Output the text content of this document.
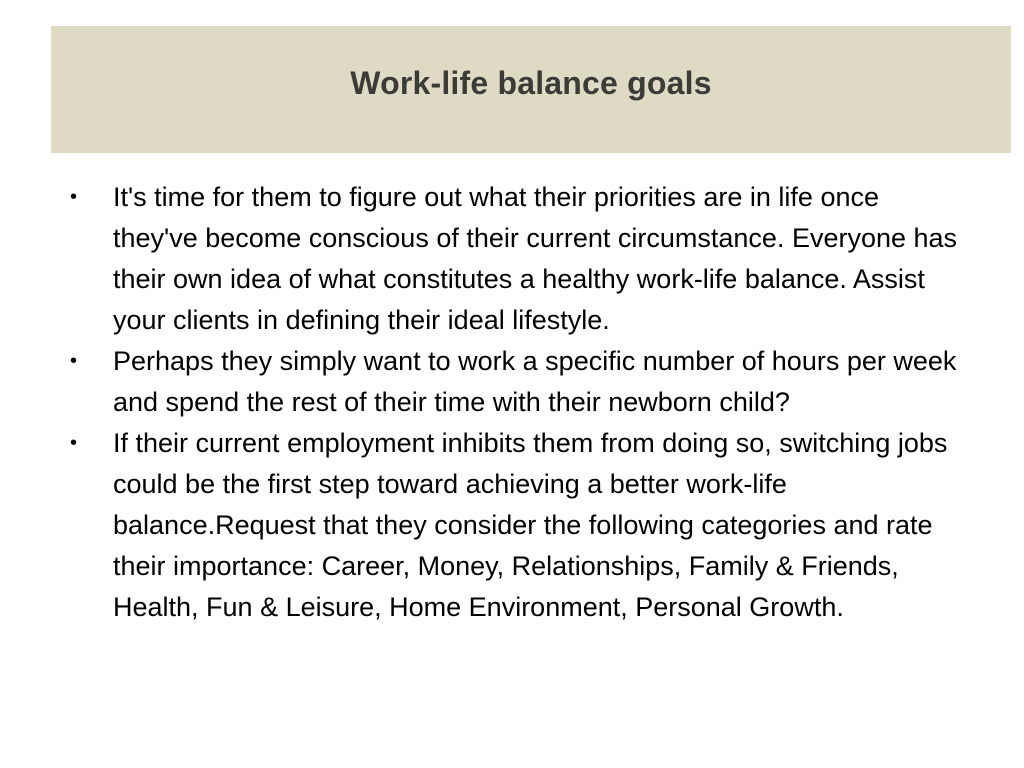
Work-life balance goals
• It's time for them to figure out what their priorities are in life once they've become conscious of their current circumstance. Everyone has their own idea of what constitutes a healthy work-life balance. Assist your clients in defining their ideal lifestyle.
• Perhaps they simply want to work a specific number of hours per week and spend the rest of their time with their newborn child?
• If their current employment inhibits them from doing so, switching jobs could be the first step toward achieving a better work-life balance.Request that they consider the following categories and rate their importance: Career, Money, Relationships, Family & Friends, Health, Fun & Leisure, Home Environment, Personal Growth.
